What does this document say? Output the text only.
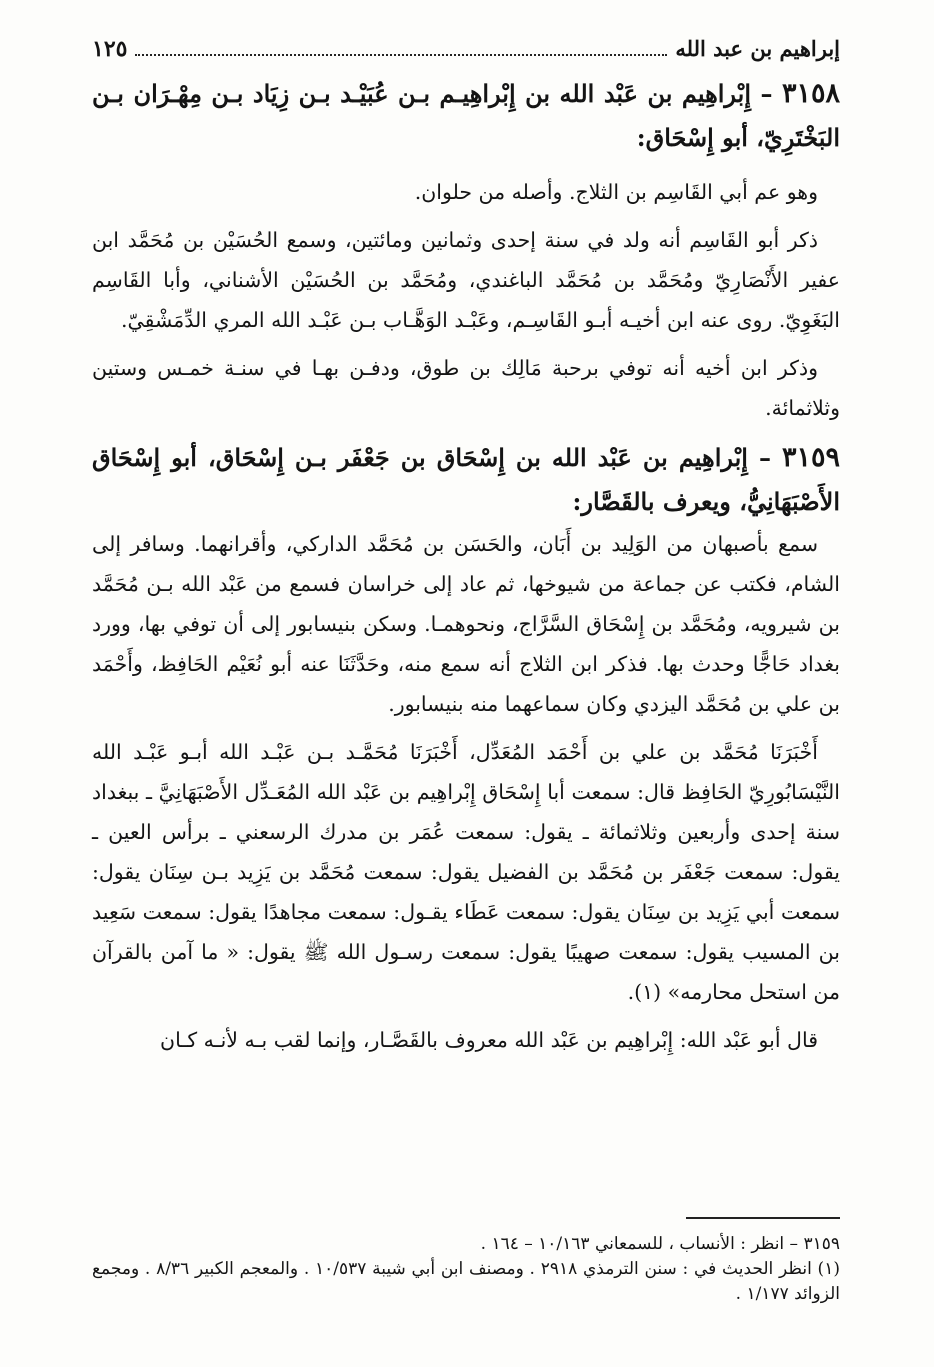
إبراهيم بن عبد الله
١٢٥
٣١٥٨ – إِبْراهِيم بن عَبْد الله بن إِبْراهِيـم بـن عُبَيْـد بـن زِيَاد بـن مِهْـرَان بـن البَخْتَرِيّ، أبو إِسْحَاق:

وهو عم أبي القَاسِم بن الثلاج. وأصله من حلوان.

ذكر أبو القَاسِم أنه ولد في سنة إحدى وثمانين ومائتين، وسمع الحُسَيْن بن مُحَمَّد ابن عفير الأَنْصَارِيّ ومُحَمَّد بن مُحَمَّد الباغندي، ومُحَمَّد بن الحُسَيْن الأشناني، وأبا القَاسِم البَغَوِيّ. روى عنه ابن أخيـه أبـو القَاسِـم، وعَبْـد الوَهَّـاب بـن عَبْـد الله المري الدِّمَشْقِيّ.

وذكر ابن أخيه أنه توفي برحبة مَالِك بن طوق، ودفـن بهـا في سنـة خمـس وستين وثلاثمائة.

٣١٥٩ – إِبْراهِيم بن عَبْد الله بن إِسْحَاق بن جَعْفَر بـن إِسْحَاق، أبو إِسْحَاق الأَصْبَهَانِيُّ، ويعرف بالقَصَّار:

سمع بأصبهان من الوَلِيد بن أَبَان، والحَسَن بن مُحَمَّد الداركي، وأقرانهما. وسافر إلى الشام، فكتب عن جماعة من شيوخها، ثم عاد إلى خراسان فسمع من عَبْد الله بـن مُحَمَّد بن شيرويه، ومُحَمَّد بن إِسْحَاق السَّرَّاج، ونحوهمـا. وسكن بنيسابور إلى أن توفي بها، وورد بغداد حَاجًّا وحدث بها. فذكر ابن الثلاج أنه سمع منه، وحَدَّثَنَا عنه أبو نُعَيْم الحَافِظ، وأَحْمَد بن علي بن مُحَمَّد اليزدي وكان سماعهما منه بنيسابور.

أَخْبَرَنَا مُحَمَّد بن علي بن أَحْمَد المُعَدِّل، أَخْبَرَنَا مُحَمَّـد بـن عَبْـد الله أبـو عَبْـد الله النَّيْسَابُورِيّ الحَافِظ قال: سمعت أبا إِسْحَاق إِبْراهِيم بن عَبْد الله المُعَـدِّل الأَصْبَهَانِيَّ ـ ببغداد سنة إحدى وأربعين وثلاثمائة ـ يقول: سمعت عُمَر بن مدرك الرسعني ـ برأس العين ـ يقول: سمعت جَعْفَر بن مُحَمَّد بن الفضيل يقول: سمعت مُحَمَّد بن يَزِيد بـن سِنَان يقول: سمعت أبي يَزِيد بن سِنَان يقول: سمعت عَطَاء يقـول: سمعت مجاهدًا يقول: سمعت سَعِيد بن المسيب يقول: سمعت صهيبًا يقول: سمعت رسـول الله ﷺ يقول: « ما آمن بالقرآن من استحل محارمه» (١).

قال أبو عَبْد الله: إِبْراهِيم بن عَبْد الله معروف بالقَصَّـار، وإنما لقب بـه لأنـه كـان

٣١٥٩ – انظر : الأنساب ، للسمعاني ١٠/١٦٣ – ١٦٤ .

(١) انظر الحديث في : سنن الترمذي ٢٩١٨ . ومصنف ابن أبي شيبة ١٠/٥٣٧ . والمعجم الكبير ٨/٣٦ . ومجمع الزوائد ١/١٧٧ .
